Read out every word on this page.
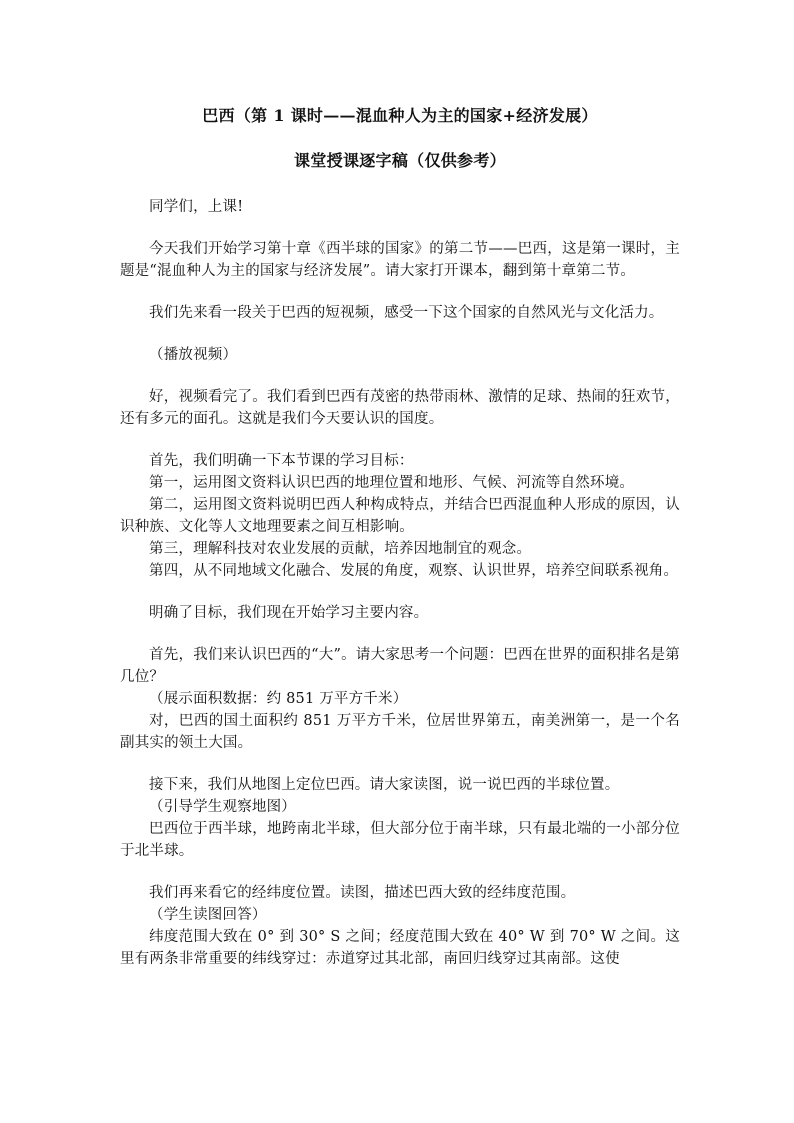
巴西（第 1 课时——混血种人为主的国家+经济发展）
课堂授课逐字稿（仅供参考）

同学们，上课!

今天我们开始学习第十章《西半球的国家》的第二节——巴西，这是第一课时，主题是“混血种人为主的国家与经济发展”。请大家打开课本，翻到第十章第二节。

我们先来看一段关于巴西的短视频，感受一下这个国家的自然风光与文化活力。

（播放视频）

好，视频看完了。我们看到巴西有茂密的热带雨林、激情的足球、热闹的狂欢节，还有多元的面孔。这就是我们今天要认识的国度。

首先，我们明确一下本节课的学习目标：

第一，运用图文资料认识巴西的地理位置和地形、气候、河流等自然环境。

第二，运用图文资料说明巴西人种构成特点，并结合巴西混血种人形成的原因，认识种族、文化等人文地理要素之间互相影响。

第三，理解科技对农业发展的贡献，培养因地制宜的观念。

第四，从不同地域文化融合、发展的角度，观察、认识世界，培养空间联系视角。

明确了目标，我们现在开始学习主要内容。

首先，我们来认识巴西的“大”。请大家思考一个问题：巴西在世界的面积排名是第几位？

（展示面积数据：约 851 万平方千米）

对，巴西的国土面积约 851 万平方千米，位居世界第五，南美洲第一，是一个名副其实的领土大国。

接下来，我们从地图上定位巴西。请大家读图，说一说巴西的半球位置。

（引导学生观察地图）

巴西位于西半球，地跨南北半球，但大部分位于南半球，只有最北端的一小部分位于北半球。

我们再来看它的经纬度位置。读图，描述巴西大致的经纬度范围。

（学生读图回答）

纬度范围大致在 0° 到 30° S 之间；经度范围大致在 40° W 到 70° W 之间。这里有两条非常重要的纬线穿过：赤道穿过其北部，南回归线穿过其南部。这使
